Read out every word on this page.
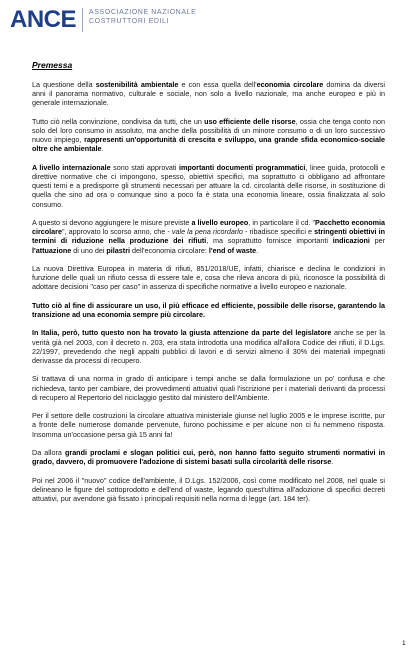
ANCE ASSOCIAZIONE NAZIONALE
COSTRUTTORI EDILI
Premessa

La questione della sostenibilità ambientale e con essa quella dell'economia circolare domina da diversi anni il panorama normativo, culturale e sociale, non solo a livello nazionale, ma anche europeo e più in generale internazionale.

Tutto ciò nella convinzione, condivisa da tutti, che un uso efficiente delle risorse, ossia che tenga conto non solo del loro consumo in assoluto, ma anche della possibilità di un minore consumo o di un loro successivo nuovo impiego, rappresenti un'opportunità di crescita e sviluppo, una grande sfida economico-sociale oltre che ambientale.

A livello internazionale sono stati approvati importanti documenti programmatici, linee guida, protocolli e direttive normative che ci impongono, spesso, obiettivi specifici, ma soprattutto ci obbligano ad affrontare questi temi e a predisporre gli strumenti necessari per attuare la cd. circolarità delle risorse, in sostituzione di quella che sino ad ora o comunque sino a poco fa è stata una economia lineare, ossia finalizzata al solo consumo.

A questo si devono aggiungere le misure previste a livello europeo, in particolare il cd. "Pacchetto economia circolare", approvato lo scorso anno, che - vale la pena ricordarlo - ribadisce specifici e stringenti obiettivi in termini di riduzione nella produzione dei rifiuti, ma soprattutto fornisce importanti indicazioni per l'attuazione di uno dei pilastri dell'economia circolare: l'end of waste.

La nuova Direttiva Europea in materia di rifiuti, 851/2018/UE, infatti, chiarisce e declina le condizioni in funzione delle quali un rifiuto cessa di essere tale e, cosa che rileva ancora di più, riconosce la possibilità di adottare decisioni "caso per caso" in assenza di specifiche normative a livello europeo e nazionale.

Tutto ciò al fine di assicurare un uso, il più efficace ed efficiente, possibile delle risorse, garantendo la transizione ad una economia sempre più circolare.

In Italia, però, tutto questo non ha trovato la giusta attenzione da parte del legislatore anche se per la verità già nel 2003, con il decreto n. 203, era stata introdotta una modifica all'allora Codice dei rifiuti, il D.Lgs. 22/1997, prevedendo che negli appalti pubblici di lavori e di servizi almeno il 30% dei materiali impegnati derivasse da processi di recupero.

Si trattava di una norma in grado di anticipare i tempi anche se dalla formulazione un po' confusa e che richiedeva, tanto per cambiare, dei provvedimenti attuativi quali l'iscrizione per i materiali derivanti da processi di recupero al Repertorio del riciclaggio gestito dal ministero dell'Ambiente.

Per il settore delle costruzioni la circolare attuativa ministeriale giunse nel luglio 2005 e le imprese iscritte, pur a fronte delle numerose domande pervenute, furono pochissime e per alcune non ci fu nemmeno risposta. Insomma un'occasione persa già 15 anni fa!

Da allora grandi proclami e slogan politici cui, però, non hanno fatto seguito strumenti normativi in grado, davvero, di promuovere l'adozione di sistemi basati sulla circolarità delle risorse.

Poi nel 2006 il "nuovo" codice dell'ambiente, il D.Lgs. 152/2006, così come modificato nel 2008, nel quale si delineano le figure del sottoprodotto e dell'end of waste, legando quest'ultima all'adozione di specifici decreti attuativi, pur avendone già fissato i principali requisiti nella norma di legge (art. 184 ter).

1
